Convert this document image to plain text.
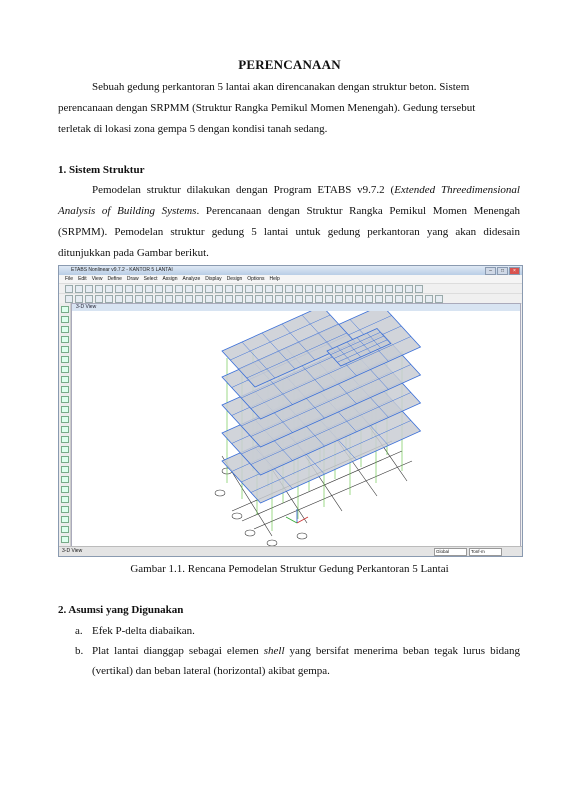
PERENCANAAN
Sebuah gedung perkantoran 5 lantai akan direncanakan dengan struktur beton. Sistem
perencanaan dengan SRPMM (Struktur Rangka Pemikul Momen Menengah). Gedung tersebut
terletak di lokasi zona gempa 5 dengan kondisi tanah sedang.
1. Sistem Struktur
Pemodelan struktur dilakukan dengan Program ETABS v9.7.2 (Extended Threedimensional Analysis of Building Systems. Perencanaan dengan Struktur Rangka Pemikul Momen Menengah (SRPMM). Pemodelan struktur gedung 5 lantai untuk gedung perkantoran yang akan didesain ditunjukkan pada Gambar berikut.
ETABS Nonlinear v9.7.2 - KANTOR 5 LANTAI	–	□	×
File Edit View Define Draw Select Assign Analyze Display Design Options Help
3-D View
3-D View	Global	Tonf-m
Gambar 1.1. Rencana Pemodelan Struktur Gedung Perkantoran 5 Lantai
2. Asumsi yang Digunakan
a. Efek P-delta diabaikan.
b. Plat lantai dianggap sebagai elemen shell yang bersifat menerima beban tegak lurus bidang (vertikal) dan beban lateral (horizontal) akibat gempa.
